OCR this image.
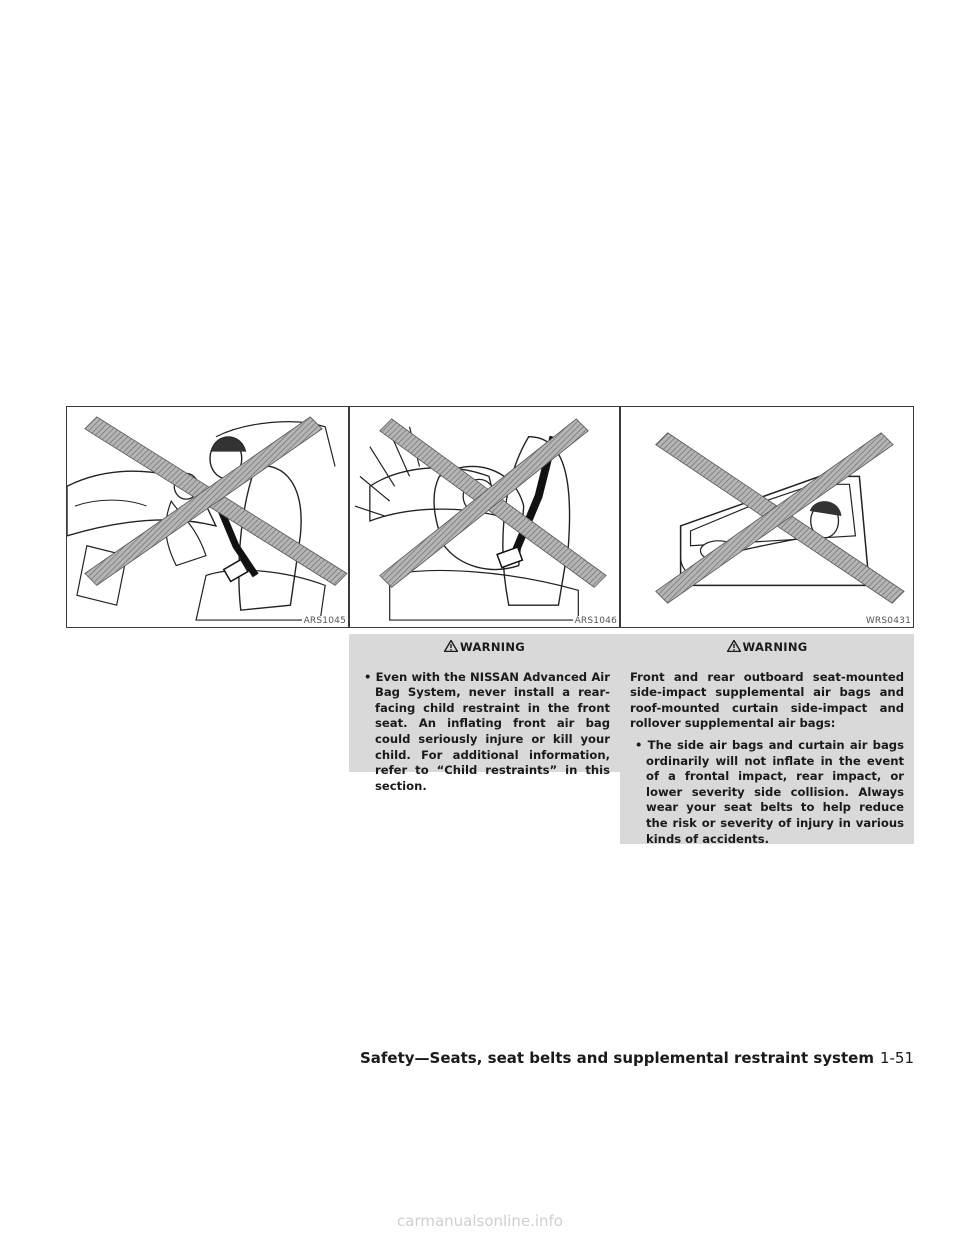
ARS1045	ARS1046	WRS0431
WARNING

• Even with the NISSAN Advanced Air Bag System, never install a rear-facing child restraint in the front seat. An inflating front air bag could seriously injure or kill your child. For additional information, refer to “Child restraints” in this section.

WARNING

Front and rear outboard seat-mounted side-impact supplemental air bags and roof-mounted curtain side-impact and rollover supplemental air bags:

• The side air bags and curtain air bags ordinarily will not inflate in the event of a frontal impact, rear impact, or lower severity side collision. Always wear your seat belts to help reduce the risk or severity of injury in various kinds of accidents.

Safety—Seats, seat belts and supplemental restraint system 1-51
carmanualsonline.info
